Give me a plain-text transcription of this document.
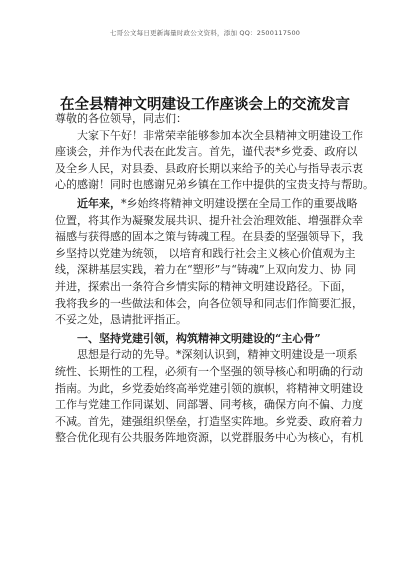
七哥公文每日更新海量时政公文资料，添加 QQ：2500117500
在全县精神文明建设工作座谈会上的交流发言

尊敬的各位领导，同志们：

大家下午好！非常荣幸能够参加本次全县精神文明建设工作

座谈会，并作为代表在此发言。首先，谨代表*乡党委、政府以

及全乡人民，对县委、县政府长期以来给予的关心与指导表示衷

心的感谢！同时也感谢兄弟乡镇在工作中提供的宝贵支持与帮助。

近年来，*乡始终将精神文明建设摆在全局工作的重要战略

位置，将其作为凝聚发展共识、提升社会治理效能、增强群众幸

福感与获得感的固本之策与铸魂工程。在县委的坚强领导下，我

乡坚持以党建为统领， 以培育和践行社会主义核心价值观为主

线，深耕基层实践，着力在“塑形”与“铸魂”上双向发力、协 同

并进，探索出一条符合乡情实际的精神文明建设路径。下面，

我将我乡的一些做法和体会，向各位领导和同志们作简要汇报，

不妥之处，恳请批评指正。

一、坚持党建引领，构筑精神文明建设的“主心骨”

思想是行动的先导。*深刻认识到，精神文明建设是一项系

统性、长期性的工程，必须有一个坚强的领导核心和明确的行动

指南。为此，乡党委始终高举党建引领的旗帜，将精神文明建设

工作与党建工作同谋划、同部署、同考核，确保方向不偏、力度

不减。首先，建强组织堡垒，打造坚实阵地。乡党委、政府着力

整合优化现有公共服务阵地资源，以党群服务中心为核心，有机
